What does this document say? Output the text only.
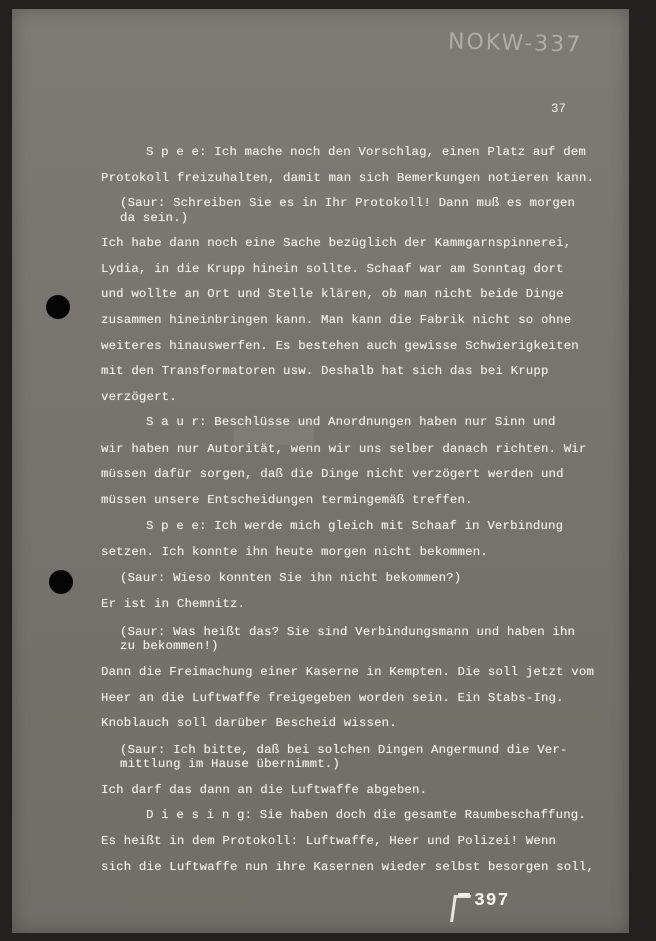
NOKW-337
37
S p e e: Ich mache noch den Vorschlag, einen Platz auf dem
Protokoll freizuhalten, damit man sich Bemerkungen notieren kann.
(Saur: Schreiben Sie es in Ihr Protokoll! Dann muß es morgen
da sein.)
Ich habe dann noch eine Sache bezüglich der Kammgarnspinnerei,
Lydia, in die Krupp hinein sollte. Schaaf war am Sonntag dort
und wollte an Ort und Stelle klären, ob man nicht beide Dinge
zusammen hineinbringen kann. Man kann die Fabrik nicht so ohne
weiteres hinauswerfen. Es bestehen auch gewisse Schwierigkeiten
mit den Transformatoren usw. Deshalb hat sich das bei Krupp
verzögert.
S a u r: Beschlüsse und Anordnungen haben nur Sinn und
wir haben nur Autorität, wenn wir uns selber danach richten. Wir
müssen dafür sorgen, daß die Dinge nicht verzögert werden und
müssen unsere Entscheidungen termingemäß treffen.
S p e e: Ich werde mich gleich mit Schaaf in Verbindung
setzen. Ich konnte ihn heute morgen nicht bekommen.
(Saur: Wieso konnten Sie ihn nicht bekommen?)
Er ist in Chemnitz.
(Saur: Was heißt das? Sie sind Verbindungsmann und haben ihn
zu bekommen!)
Dann die Freimachung einer Kaserne in Kempten. Die soll jetzt vom
Heer an die Luftwaffe freigegeben worden sein. Ein Stabs-Ing.
Knoblauch soll darüber Bescheid wissen.
(Saur: Ich bitte, daß bei solchen Dingen Angermund die Ver-
mittlung im Hause übernimmt.)
Ich darf das dann an die Luftwaffe abgeben.
D i e s i n g: Sie haben doch die gesamte Raumbeschaffung.
Es heißt in dem Protokoll: Luftwaffe, Heer und Polizei! Wenn
sich die Luftwaffe nun ihre Kasernen wieder selbst besorgen soll,
397
